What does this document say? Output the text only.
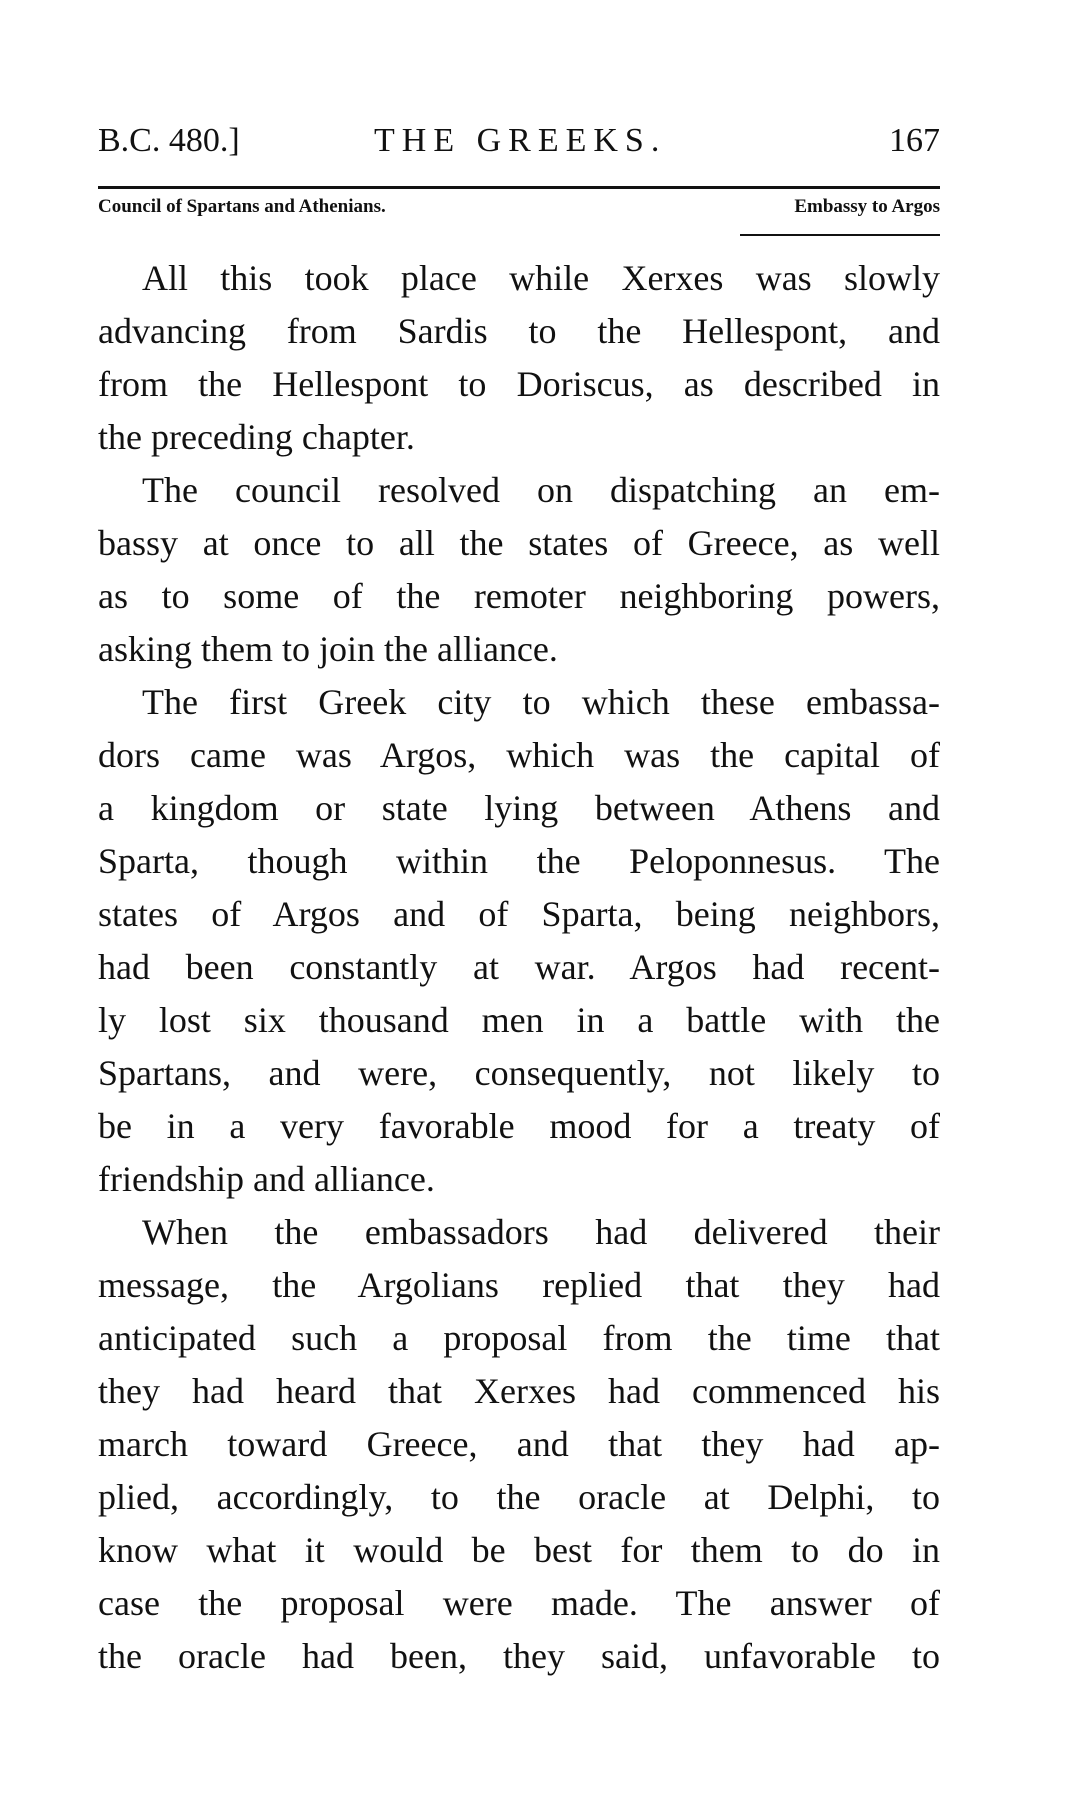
B.C. 480.]	THE GREEKS.	167
Council of Spartans and Athenians.	Embassy to Argos
All this took place while Xerxes was slowly
advancing from Sardis to the Hellespont, and
from the Hellespont to Doriscus, as described in
the preceding chapter.
The council resolved on dispatching an em-
bassy at once to all the states of Greece, as well
as to some of the remoter neighboring powers,
asking them to join the alliance.
The first Greek city to which these embassa-
dors came was Argos, which was the capital of
a kingdom or state lying between Athens and
Sparta, though within the Peloponnesus. The
states of Argos and of Sparta, being neighbors,
had been constantly at war. Argos had recent-
ly lost six thousand men in a battle with the
Spartans, and were, consequently, not likely to
be in a very favorable mood for a treaty of
friendship and alliance.
When the embassadors had delivered their
message, the Argolians replied that they had
anticipated such a proposal from the time that
they had heard that Xerxes had commenced his
march toward Greece, and that they had ap-
plied, accordingly, to the oracle at Delphi, to
know what it would be best for them to do in
case the proposal were made. The answer of
the oracle had been, they said, unfavorable to
